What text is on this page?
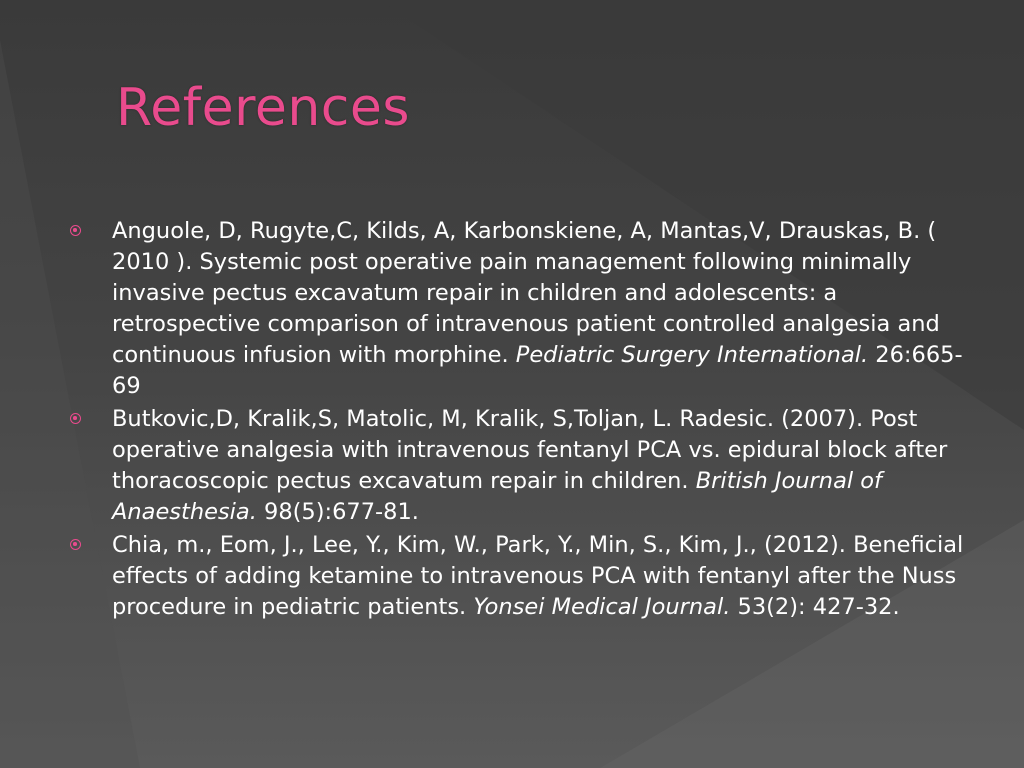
References
Anguole, D, Rugyte,C, Kilds, A, Karbonskiene, A, Mantas,V, Drauskas, B. ( 2010 ). Systemic post operative pain management following minimally invasive pectus excavatum repair in children and adolescents: a retrospective comparison of intravenous patient controlled analgesia and continuous infusion with morphine. Pediatric Surgery International. 26:665-69
Butkovic,D, Kralik,S, Matolic, M, Kralik, S,Toljan, L. Radesic. (2007). Post operative analgesia with intravenous fentanyl PCA vs. epidural block after thoracoscopic pectus excavatum repair in children. British Journal of Anaesthesia. 98(5):677-81.
Chia, m., Eom, J., Lee, Y., Kim, W., Park, Y., Min, S., Kim, J., (2012). Beneficial effects of adding ketamine to intravenous PCA with fentanyl after the Nuss procedure in pediatric patients. Yonsei Medical Journal. 53(2): 427-32.
